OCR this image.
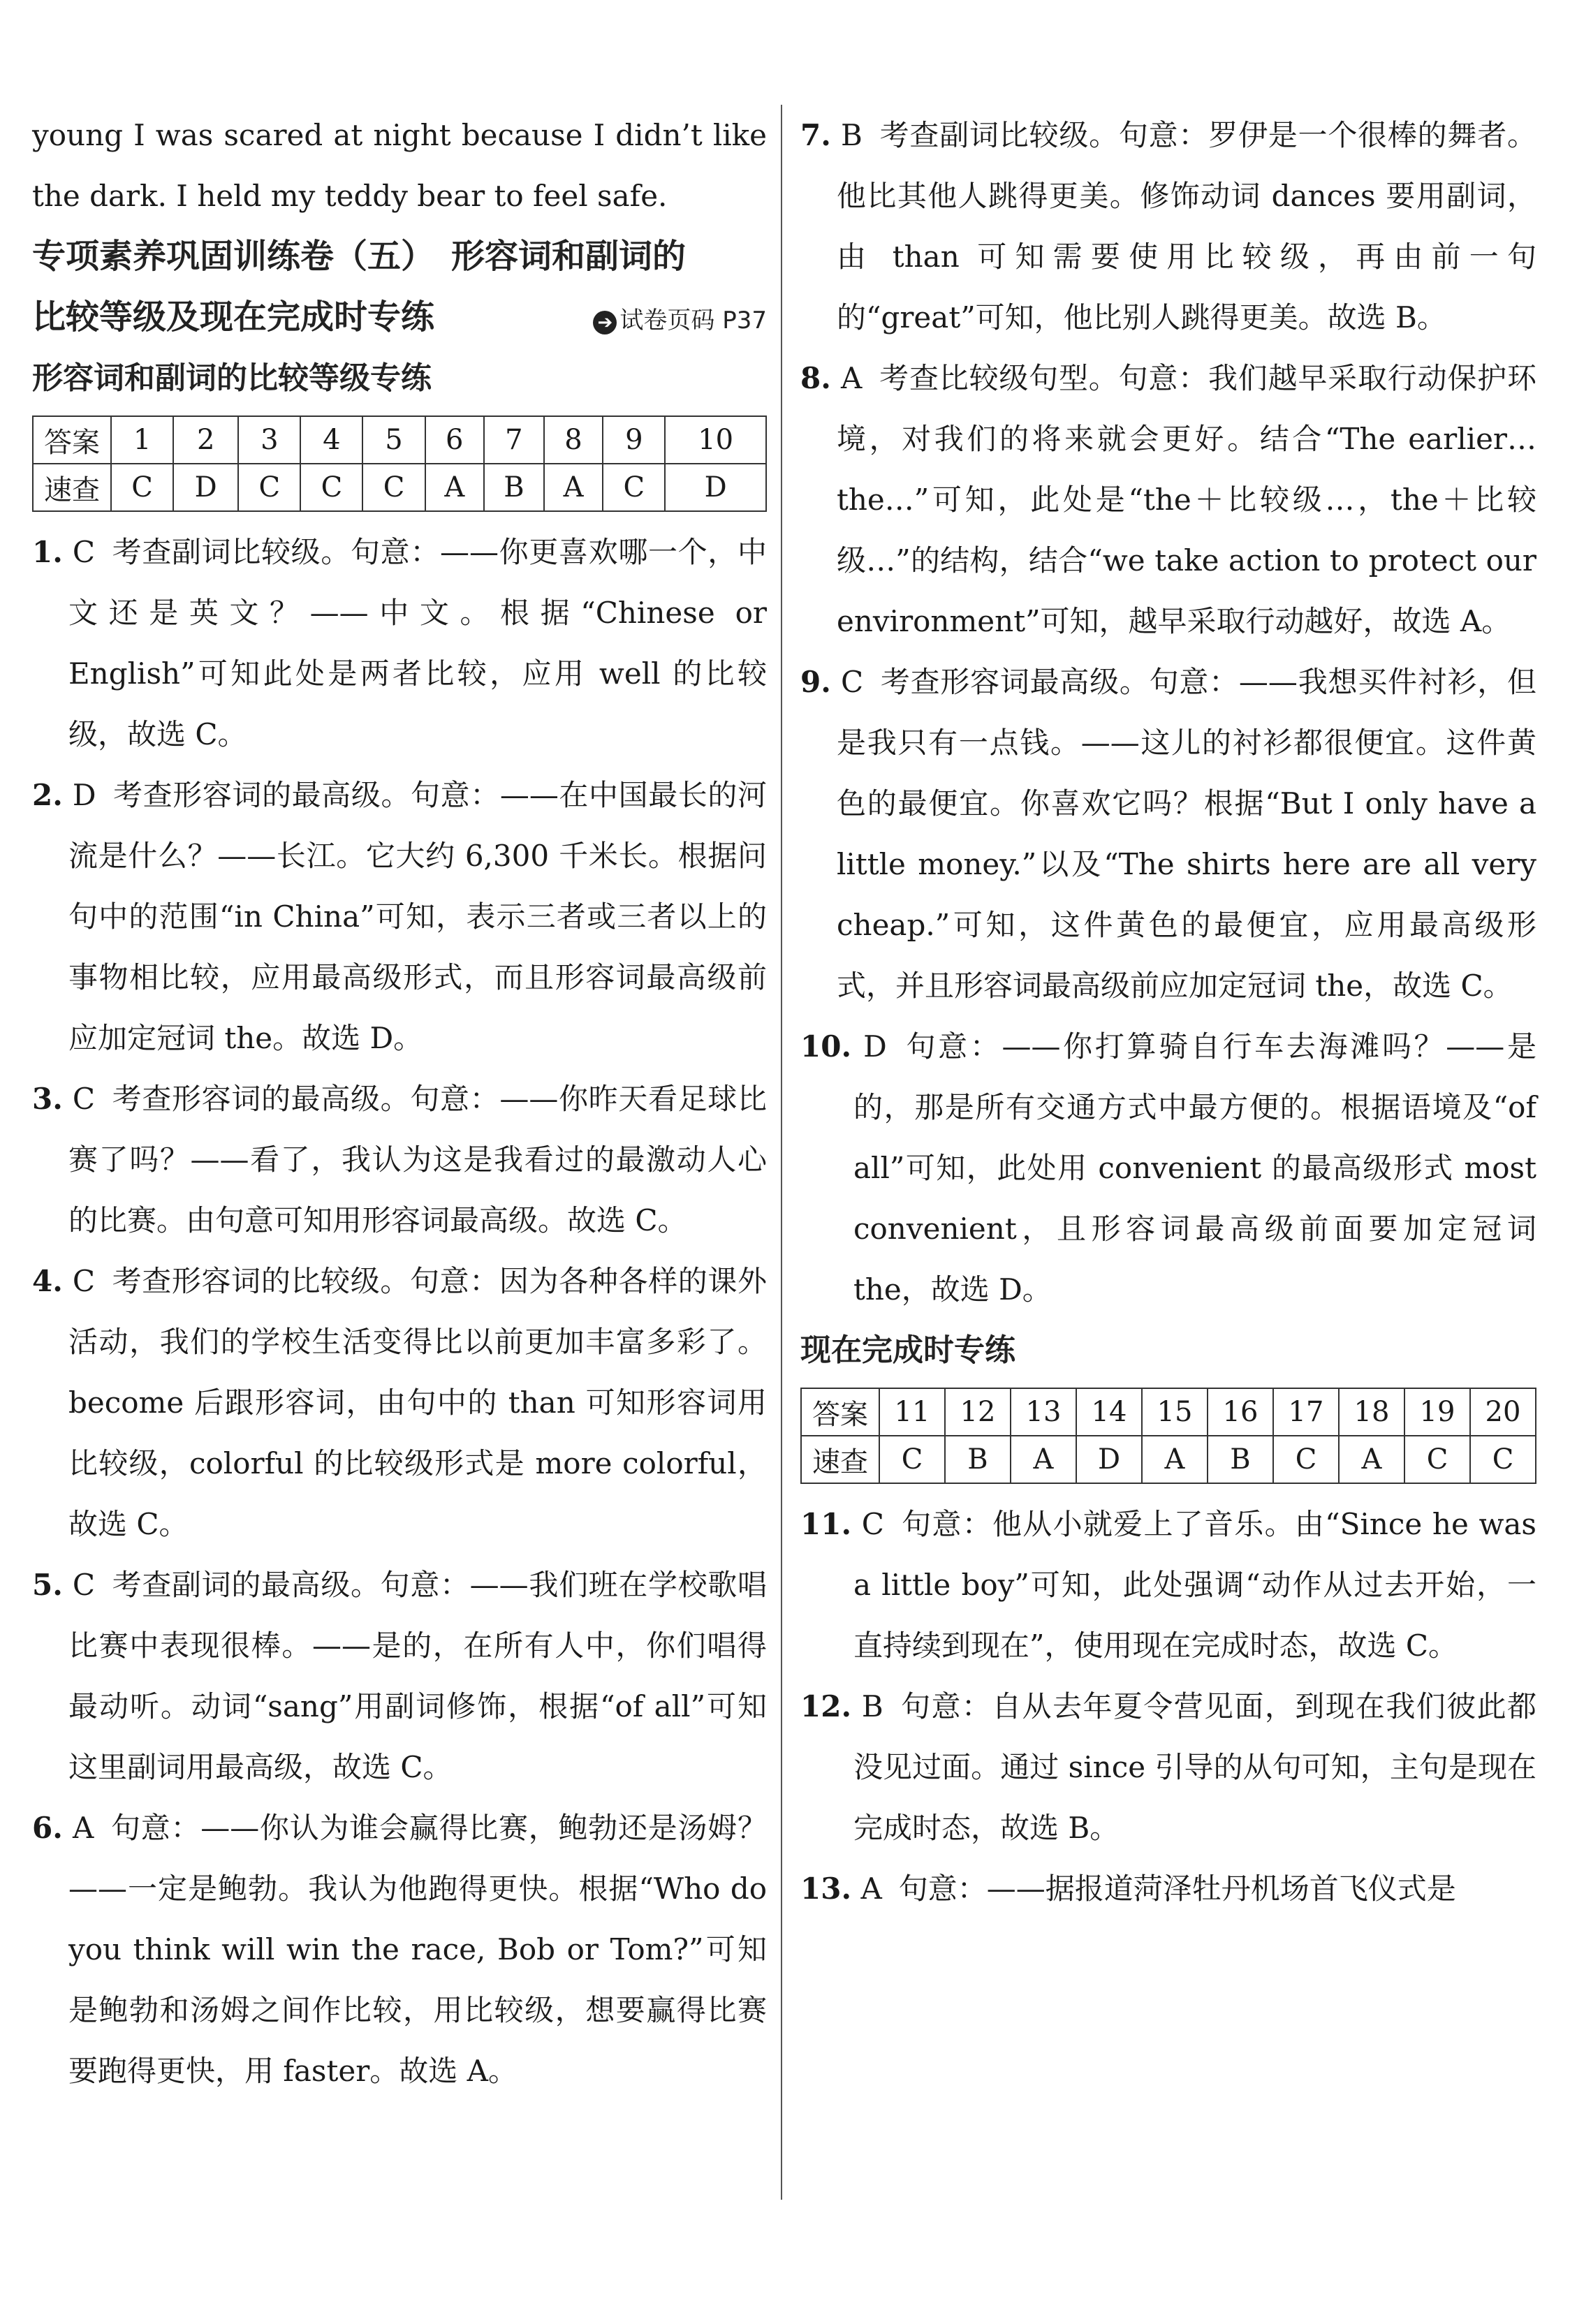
young I was scared at night because I didn’t like the dark. I held my teddy bear to feel safe.

专项素养巩固训练卷（五）　形容词和副词的

比较等级及现在完成时专练	➔ 试卷页码 P37

形容词和副词的比较等级专练

答案	1	2	3	4	5	6	7	8	9	10
速查	C	D	C	C	C	A	B	A	C	D

1. C 考查副词比较级。句意：——你更喜欢哪一个，中文还是英文？——中文。根据“Chinese or English”可知此处是两者比较，应用 well 的比较级，故选 C。

2. D 考查形容词的最高级。句意：——在中国最长的河流是什么？——长江。它大约 6,300 千米长。根据问句中的范围“in China”可知，表示三者或三者以上的事物相比较，应用最高级形式，而且形容词最高级前应加定冠词 the。故选 D。

3. C 考查形容词的最高级。句意：——你昨天看足球比赛了吗？——看了，我认为这是我看过的最激动人心的比赛。由句意可知用形容词最高级。故选 C。

4. C 考查形容词的比较级。句意：因为各种各样的课外活动，我们的学校生活变得比以前更加丰富多彩了。become 后跟形容词，由句中的 than 可知形容词用比较级，colorful 的比较级形式是 more colorful，故选 C。

5. C 考查副词的最高级。句意：——我们班在学校歌唱比赛中表现很棒。——是的，在所有人中，你们唱得最动听。动词“sang”用副词修饰，根据“of all”可知这里副词用最高级，故选 C。

6. A 句意：——你认为谁会赢得比赛，鲍勃还是汤姆？——一定是鲍勃。我认为他跑得更快。根据“Who do you think will win the race, Bob or Tom?”可知是鲍勃和汤姆之间作比较，用比较级，想要赢得比赛要跑得更快，用 faster。故选 A。

7. B 考查副词比较级。句意：罗伊是一个很棒的舞者。他比其他人跳得更美。修饰动词 dances 要用副词，由 than 可知需要使用比较级，再由前一句的“great”可知，他比别人跳得更美。故选 B。

8. A 考查比较级句型。句意：我们越早采取行动保护环境，对我们的将来就会更好。结合“The earlier…the…”可知，此处是“the＋比较级…，the＋比较级…”的结构，结合“we take action to protect our environment”可知，越早采取行动越好，故选 A。

9. C 考查形容词最高级。句意：——我想买件衬衫，但是我只有一点钱。——这儿的衬衫都很便宜。这件黄色的最便宜。你喜欢它吗？根据“But I only have a little money.”以及“The shirts here are all very cheap.”可知，这件黄色的最便宜，应用最高级形式，并且形容词最高级前应加定冠词 the，故选 C。

10. D 句意：——你打算骑自行车去海滩吗？——是的，那是所有交通方式中最方便的。根据语境及“of all”可知，此处用 convenient 的最高级形式 most convenient，且形容词最高级前面要加定冠词 the，故选 D。

现在完成时专练

答案	11	12	13	14	15	16	17	18	19	20
速查	C	B	A	D	A	B	C	A	C	C

11. C 句意：他从小就爱上了音乐。由“Since he was a little boy”可知，此处强调“动作从过去开始，一直持续到现在”，使用现在完成时态，故选 C。

12. B 句意：自从去年夏令营见面，到现在我们彼此都没见过面。通过 since 引导的从句可知，主句是现在完成时态，故选 B。

13. A 句意：——据报道菏泽牡丹机场首飞仪式是
